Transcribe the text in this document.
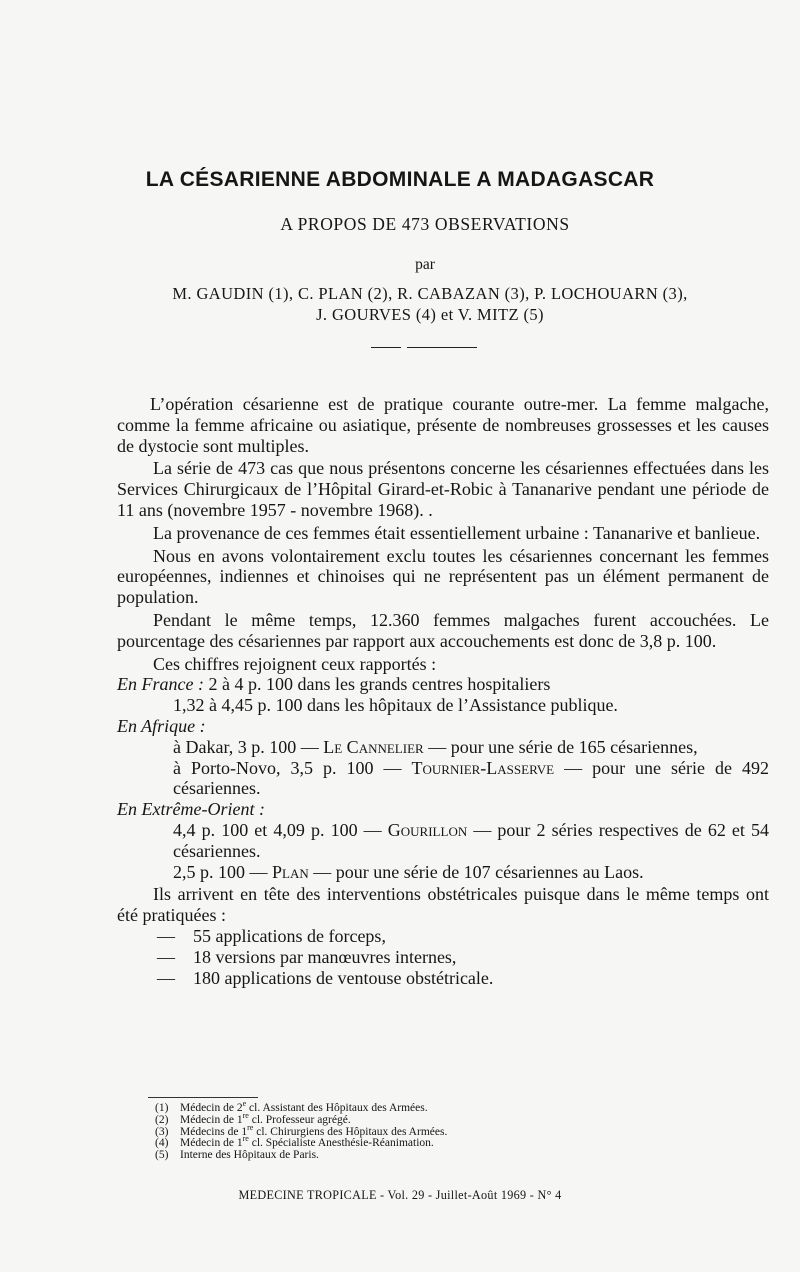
LA CÉSARIENNE ABDOMINALE A MADAGASCAR
A PROPOS DE 473 OBSERVATIONS
par
M. GAUDIN (1), C. PLAN (2), R. CABAZAN (3), P. LOCHOUARN (3),
J. GOURVES (4) et V. MITZ (5)

L’opération césarienne est de pratique courante outre-mer. La femme malgache, comme la femme africaine ou asiatique, présente de nombreuses grossesses et les causes de dystocie sont multiples.

La série de 473 cas que nous présentons concerne les césariennes effectuées dans les Services Chirurgicaux de l’Hôpital Girard-et-Robic à Tananarive pendant une période de 11 ans (novembre 1957 - novembre 1968). .

La provenance de ces femmes était essentiellement urbaine : Tananarive et banlieue.

Nous en avons volontairement exclu toutes les césariennes concernant les femmes européennes, indiennes et chinoises qui ne représentent pas un élément permanent de population.

Pendant le même temps, 12.360 femmes malgaches furent accouchées. Le pourcentage des césariennes par rapport aux accouchements est donc de 3,8 p. 100.

Ces chiffres rejoignent ceux rapportés :

En France : 2 à 4 p. 100 dans les grands centres hospitaliers

1,32 à 4,45 p. 100 dans les hôpitaux de l’Assistance publique.

En Afrique :

à Dakar, 3 p. 100 — Le Cannelier — pour une série de 165 césariennes,

à Porto-Novo, 3,5 p. 100 — Tournier-Lasserve — pour une série de 492 césariennes.

En Extrême-Orient :

4,4 p. 100 et 4,09 p. 100 — Gourillon — pour 2 séries respectives de 62 et 54 césariennes.

2,5 p. 100 — Plan — pour une série de 107 césariennes au Laos.

Ils arrivent en tête des interventions obstétricales puisque dans le même temps ont été pratiquées :

— 55 applications de forceps,

— 18 versions par manœuvres internes,

— 180 applications de ventouse obstétricale.

(1)	Médecin de 2e cl. Assistant des Hôpitaux des Armées.
(2)	Médecin de 1re cl. Professeur agrégé.
(3)	Médecins de 1re cl. Chirurgiens des Hôpitaux des Armées.
(4)	Médecin de 1re cl. Spécialiste Anesthésie-Réanimation.
(5)	Interne des Hôpitaux de Paris.
MEDECINE TROPICALE - Vol. 29 - Juillet-Août 1969 - N° 4
